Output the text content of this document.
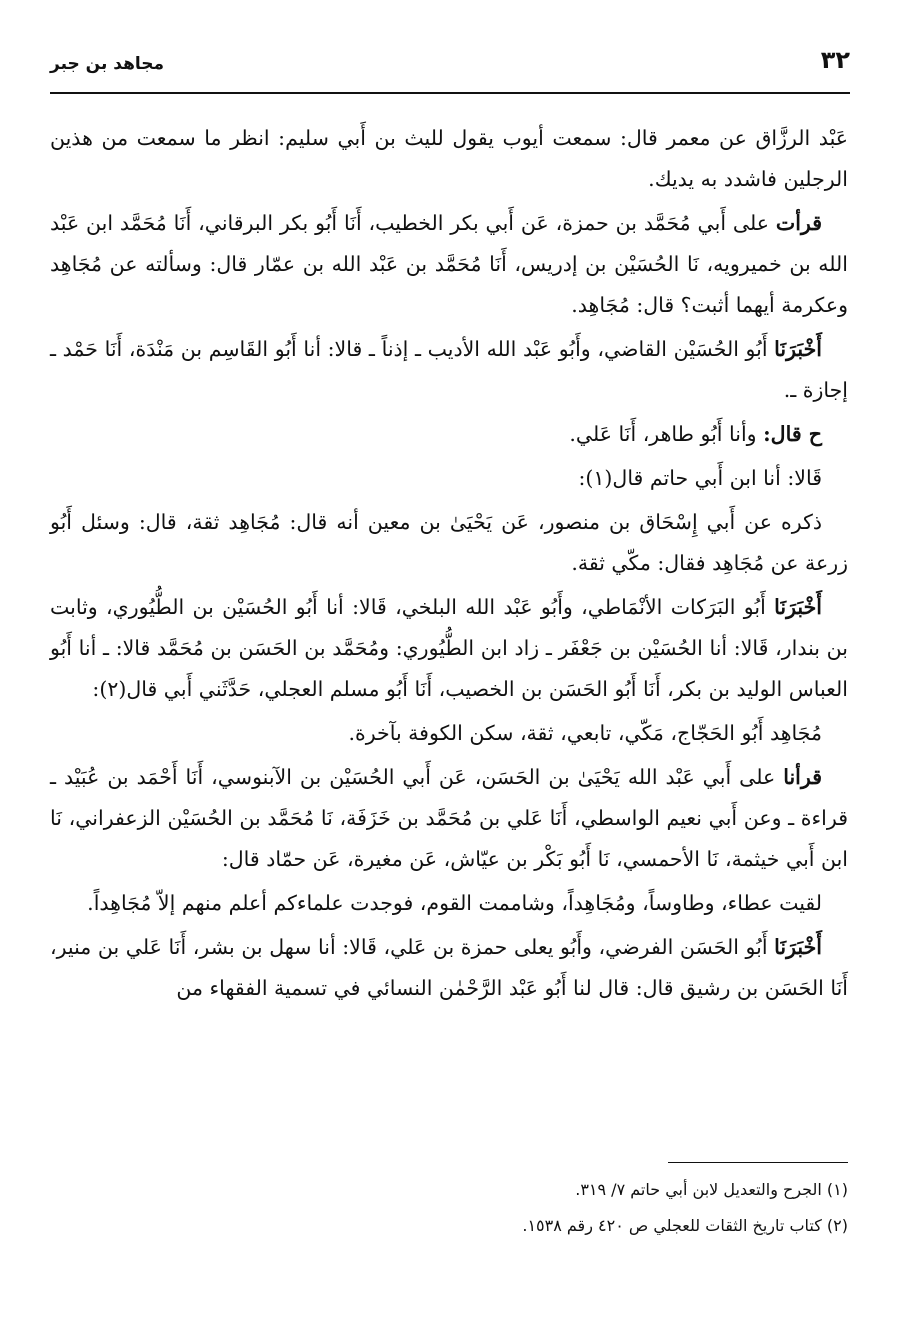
٣٢
مجاهد بن جبر

عَبْد الرزَّاق عن معمر قال: سمعت أيوب يقول لليث بن أَبي سليم: انظر ما سمعت من هذين الرجلين فاشدد به يديك.

قرأت على أَبي مُحَمَّد بن حمزة، عَن أَبي بكر الخطيب، أَنَا أَبُو بكر البرقاني، أَنَا مُحَمَّد ابن عَبْد الله بن خميرويه، نَا الحُسَيْن بن إدريس، أَنَا مُحَمَّد بن عَبْد الله بن عمّار قال: وسألته عن مُجَاهِد وعكرمة أيهما أثبت؟ قال: مُجَاهِد.

أَخْبَرَنَا أَبُو الحُسَيْن القاضي، وأَبُو عَبْد الله الأديب ـ إذناً ـ قالا: أنا أَبُو القَاسِم بن مَنْدَة، أَنَا حَمْد ـ إجازة ـ.

ح قال: وأنا أَبُو طاهر، أَنَا عَلي.

قَالا: أنا ابن أَبي حاتم قال(١):

ذكره عن أَبي إِسْحَاق بن منصور، عَن يَحْيَىٰ بن معين أنه قال: مُجَاهِد ثقة، قال: وسئل أَبُو زرعة عن مُجَاهِد فقال: مكّي ثقة.

أَخْبَرَنَا أَبُو البَرَكات الأنْمَاطي، وأَبُو عَبْد الله البلخي، قَالا: أنا أَبُو الحُسَيْن بن الطُّيُوري، وثابت بن بندار، قَالا: أنا الحُسَيْن بن جَعْفَر ـ زاد ابن الطُّيُوري: ومُحَمَّد بن الحَسَن بن مُحَمَّد قالا: ـ أنا أَبُو العباس الوليد بن بكر، أَنَا أَبُو الحَسَن بن الخصيب، أَنَا أَبُو مسلم العجلي، حَدَّثَني أَبي قال(٢):

مُجَاهِد أَبُو الحَجّاج، مَكّي، تابعي، ثقة، سكن الكوفة بآخرة.

قرأنا على أَبي عَبْد الله يَحْيَىٰ بن الحَسَن، عَن أَبي الحُسَيْن بن الآبنوسي، أَنَا أَحْمَد بن عُبَيْد ـ قراءة ـ وعن أَبي نعيم الواسطي، أَنَا عَلي بن مُحَمَّد بن خَزَفَة، نَا مُحَمَّد بن الحُسَيْن الزعفراني، نَا ابن أَبي خيثمة، نَا الأحمسي، نَا أَبُو بَكْر بن عيّاش، عَن مغيرة، عَن حمّاد قال:

لقيت عطاء، وطاوساً، ومُجَاهِداً، وشاممت القوم، فوجدت علماءكم أعلم منهم إلاّ مُجَاهِداً.

أَخْبَرَنَا أَبُو الحَسَن الفرضي، وأَبُو يعلى حمزة بن عَلي، قَالا: أنا سهل بن بشر، أَنَا عَلي بن منير، أَنَا الحَسَن بن رشيق قال: قال لنا أَبُو عَبْد الرَّحْمٰن النسائي في تسمية الفقهاء من

(١) الجرح والتعديل لابن أبي حاتم ٧/ ٣١٩.

(٢) كتاب تاريخ الثقات للعجلي ص ٤٢٠ رقم ١٥٣٨.
